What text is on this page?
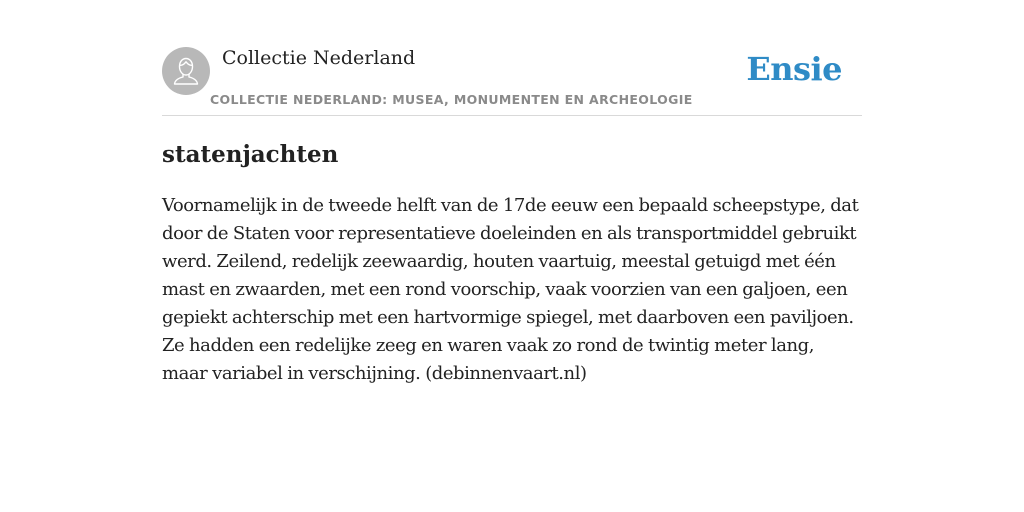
Collectie Nederland
COLLECTIE NEDERLAND: MUSEA, MONUMENTEN EN ARCHEOLOGIE
Ensie
statenjachten

Voornamelijk in de tweede helft van de 17de eeuw een bepaald scheepstype, dat door de Staten voor representatieve doeleinden en als transportmiddel gebruikt werd. Zeilend, redelijk zeewaardig, houten vaartuig, meestal getuigd met één mast en zwaarden, met een rond voorschip, vaak voorzien van een galjoen, een gepiekt achterschip met een hartvormige spiegel, met daarboven een paviljoen. Ze hadden een redelijke zeeg en waren vaak zo rond de twintig meter lang, maar variabel in verschijning. (debinnenvaart.nl)
